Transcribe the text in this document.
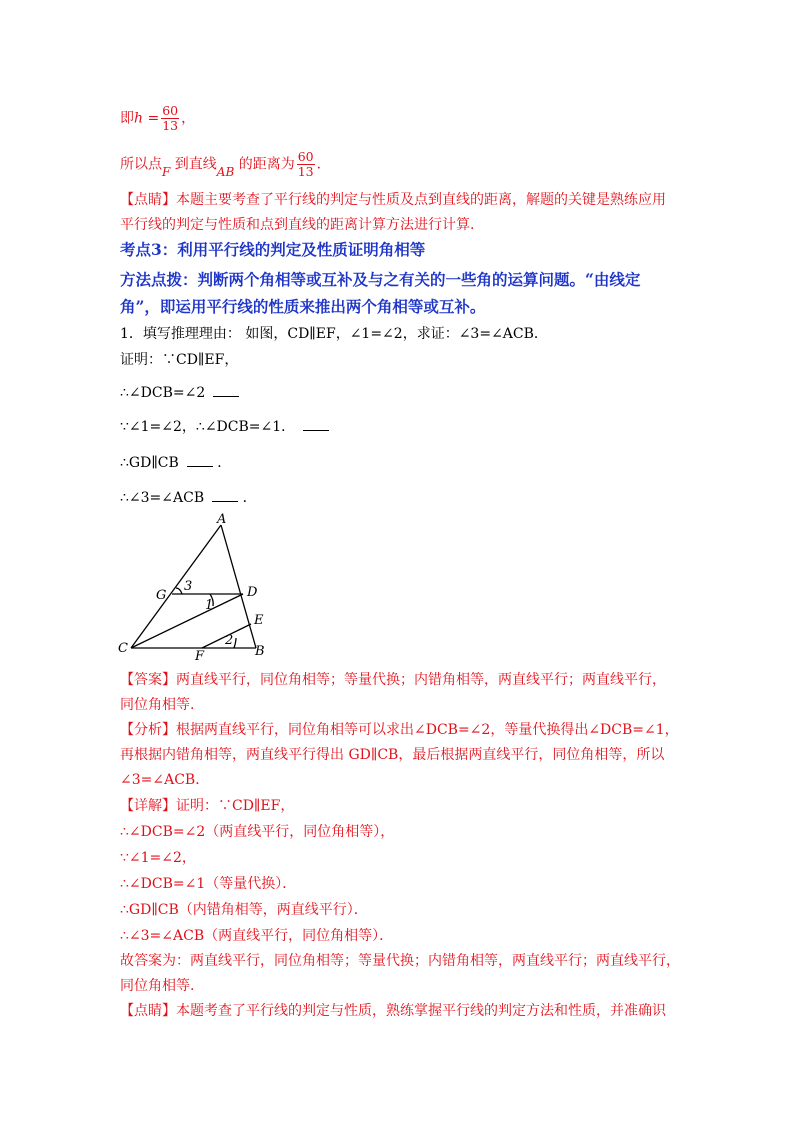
即$h = \frac{60}{13}$ ，
所以点F 到直线AB 的距离为 $\frac{60}{13}$ ．
【点睛】本题主要考查了平行线的判定与性质及点到直线的距离，解题的关键是熟练应用
平行线的判定与性质和点到直线的距离计算方法进行计算.
考点3：利用平行线的判定及性质证明角相等
方法点拨：判断两个角相等或互补及与之有关的一些角的运算问题。“由线定
角”，即运用平行线的性质来推出两个角相等或互补。
1．填写推理理由： 如图，CD∥EF，∠1=∠2，求证：∠3=∠ACB．
证明：∵CD∥EF，
∴∠DCB=∠2
∵∠1=∠2，∴∠DCB=∠1．
∴GD∥CB	．
∴∠3=∠ACB	．
A
G	D
E
C
F	B
1
2
3
【答案】两直线平行，同位角相等；等量代换；内错角相等，两直线平行；两直线平行，
同位角相等.
【分析】根据两直线平行，同位角相等可以求出∠DCB=∠2，等量代换得出∠DCB=∠1，
再根据内错角相等，两直线平行得出 GD∥CB，最后根据两直线平行，同位角相等，所以
∠3=∠ACB．
【详解】证明：∵CD∥EF，
∴∠DCB=∠2（两直线平行，同位角相等），
∵∠1=∠2，
∴∠DCB=∠1（等量代换）．
∴GD∥CB（内错角相等，两直线平行）．
∴∠3=∠ACB（两直线平行，同位角相等）．
故答案为：两直线平行，同位角相等；等量代换；内错角相等，两直线平行；两直线平行，
同位角相等.
【点睛】本题考查了平行线的判定与性质，熟练掌握平行线的判定方法和性质，并准确识
